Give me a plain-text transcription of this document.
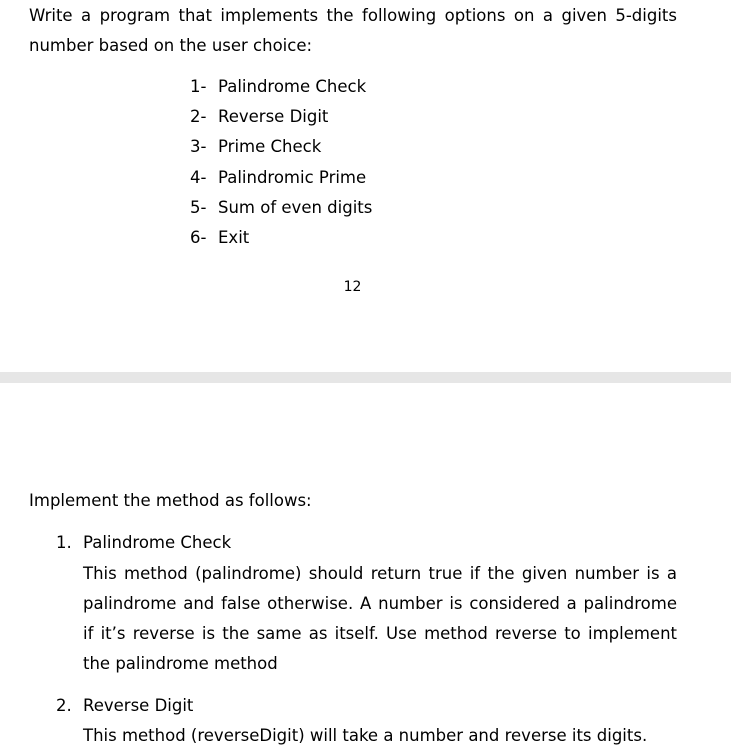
Write a program that implements the following options on a given 5-digits number based on the user choice:

1- Palindrome Check
2- Reverse Digit
3- Prime Check
4- Palindromic Prime
5- Sum of even digits
6- Exit
12
Implement the method as follows:
1. Palindrome Check

This method (palindrome) should return true if the given number is a palindrome and false otherwise. A number is considered a palindrome if it’s reverse is the same as itself. Use method reverse to implement the palindrome method

2. Reverse Digit

This method (reverseDigit) will take a number and reverse its digits.
